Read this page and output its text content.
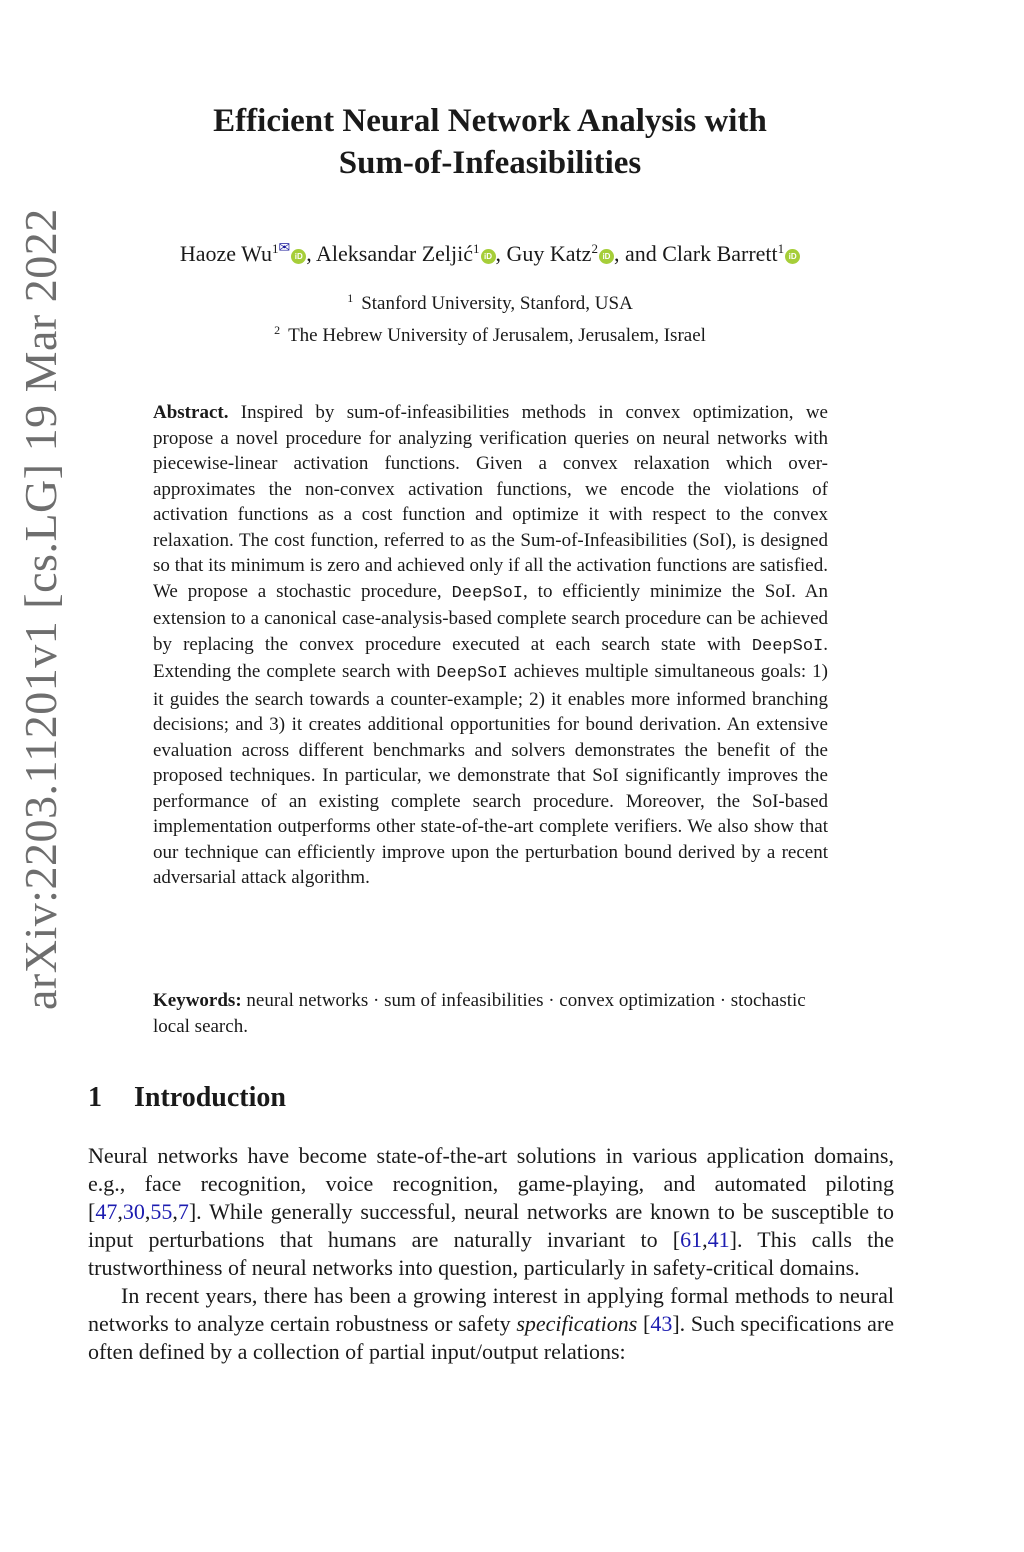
arXiv:2203.11201v1 [cs.LG] 19 Mar 2022
Efficient Neural Network Analysis with
Sum-of-Infeasibilities
Haoze $Wu^{1✉}iD$ , Aleksandar Zeljić$^1$iD , Guy Katz$^2$iD , and Clark Barrett$^1$iD
$^1$ Stanford University, Stanford, USA
$^2$ The Hebrew University of Jerusalem, Jerusalem, Israel
Abstract. Inspired by sum-of-infeasibilities methods in convex optimization, we propose a novel procedure for analyzing verification queries on neural networks with piecewise-linear activation functions. Given a convex relaxation which over-approximates the non-convex activation functions, we encode the violations of activation functions as a cost function and optimize it with respect to the convex relaxation. The cost function, referred to as the Sum-of-Infeasibilities (SoI), is designed so that its minimum is zero and achieved only if all the activation functions are satisfied. We propose a stochastic procedure, DeepSoI, to efficiently minimize the SoI. An extension to a canonical case-analysis-based complete search procedure can be achieved by replacing the convex procedure executed at each search state with DeepSoI. Extending the complete search with DeepSoI achieves multiple simultaneous goals: 1) it guides the search towards a counter-example; 2) it enables more informed branching decisions; and 3) it creates additional opportunities for bound derivation. An extensive evaluation across different benchmarks and solvers demonstrates the benefit of the proposed techniques. In particular, we demonstrate that SoI significantly improves the performance of an existing complete search procedure. Moreover, the SoI-based implementation outperforms other state-of-the-art complete verifiers. We also show that our technique can efficiently improve upon the perturbation bound derived by a recent adversarial attack algorithm.
Keywords: neural networks · sum of infeasibilities · convex optimization · stochastic local search.
1 Introduction

Neural networks have become state-of-the-art solutions in various application domains, e.g., face recognition, voice recognition, game-playing, and automated piloting [47,30,55,7]. While generally successful, neural networks are known to be susceptible to input perturbations that humans are naturally invariant to [61,41]. This calls the trustworthiness of neural networks into question, particularly in safety-critical domains.

In recent years, there has been a growing interest in applying formal methods to neural networks to analyze certain robustness or safety specifications [43]. Such specifications are often defined by a collection of partial input/output relations:
